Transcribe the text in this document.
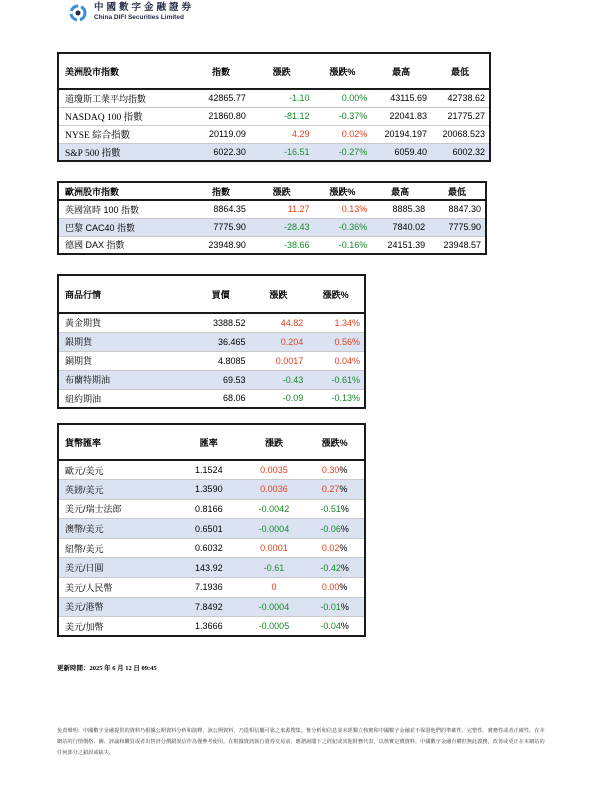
中國數字金融證券
China DIFI Securities Limited
美洲股市指數	指數	漲跌	漲跌%	最高	最低
道瓊斯工業平均指數	42865.77	-1.10	0.00%	43115.69	42738.62
NASDAQ 100 指數	21860.80	-81.12	-0.37%	22041.83	21775.27
NYSE 綜合指數	20119.09	4.29	0.02%	20194.197	20068.523
S&P 500 指數	6022.30	-16.51	-0.27%	6059.40	6002.32
歐洲股市指數	指數	漲跌	漲跌%	最高	最低
英國富時 100 指數	8864.35	11.27	0.13%	8885.38	8847.30
巴黎 CAC40 指數	7775.90	-28.43	-0.36%	7840.02	7775.90
德國 DAX 指數	23948.90	-38.66	-0.16%	24151.39	23948.57
商品行情	買價	漲跌	漲跌%
黃金期貨	3388.52	44.82	1.34%
銀期貨	36.465	0.204	0.56%
銅期貨	4.8085	0.0017	0.04%
布蘭特期油	69.53	-0.43	-0.61%
紐約期油	68.06	-0.09	-0.13%
貨幣匯率	匯率	漲跌	漲跌%
歐元/美元	1.1524	0.0035	0.30%
英鎊/美元	1.3590	0.0036	0.27%
美元/瑞士法郎	0.8166	-0.0042	-0.51%
澳幣/美元	0.6501	-0.0004	-0.06%
紐幣/美元	0.6032	0.0001	0.02%
美元/日圓	143.92	-0.61	-0.42%
美元/人民幣	7.1936	0	0.00%
美元/港幣	7.8492	-0.0004	-0.01%
美元/加幣	1.3666	-0.0005	-0.04%
更新時間：2025 年 6 月 12 日 09:45
免責聲明：中國數字金融提供的資料乃根據公開資料分析和演釋，該公開資料，乃從相信屬可靠之來源搜集。惟分析和信息並未經獨立核實和中國數字金融並不保證他們的準確性、完整性、實務性或者正確性。在本網站的行情價格、圖、評論和購買或者出售評分價錯誤信作為僅參考使用。在根據資訊執行證券交易前，應諮詢閣下之經紀或其他財務代表，以核實定價資料。中國數字金融有權但無此義務，改善或更正在本網站的任何部分之錯誤或缺失。
